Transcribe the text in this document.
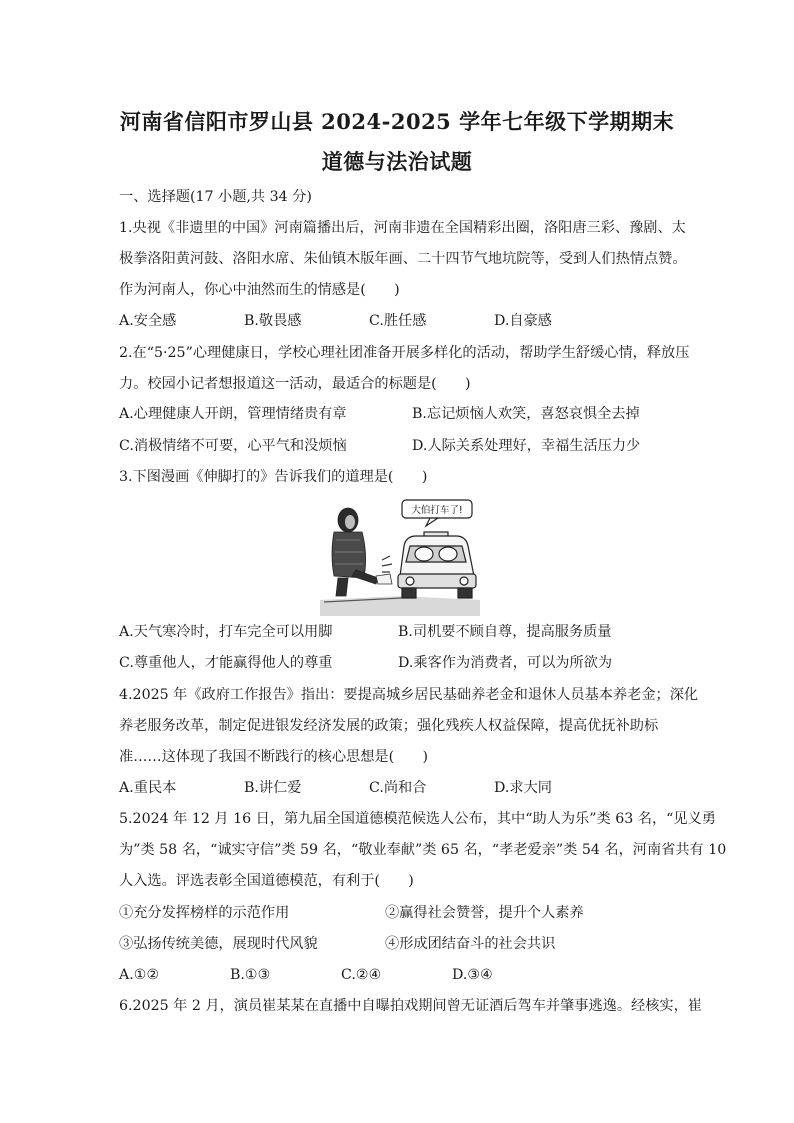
河南省信阳市罗山县 2024-2025 学年七年级下学期期末
道德与法治试题
一、选择题(17 小题,共 34 分)
1.央视《非遗里的中国》河南篇播出后，河南非遗在全国精彩出圈，洛阳唐三彩、豫剧、太
极拳洛阳黄河鼓、洛阳水席、朱仙镇木版年画、二十四节气地坑院等，受到人们热情点赞。
作为河南人，你心中油然而生的情感是(　　)
A.安全感	B.敬畏感	C.胜任感	D.自豪感
2.在“5·25”心理健康日，学校心理社团准备开展多样化的活动，帮助学生舒缓心情，释放压
力。校园小记者想报道这一活动，最适合的标题是(　　)
A.心理健康人开朗，管理情绪贵有章	B.忘记烦恼人欢笑，喜怒哀惧全去掉
C.消极情绪不可要，心平气和没烦恼	D.人际关系处理好，幸福生活压力少
3.下图漫画《伸脚打的》告诉我们的道理是(　　)
大伯打车了!
A.天气寒冷时，打车完全可以用脚	B.司机要不顾自尊，提高服务质量
C.尊重他人，才能赢得他人的尊重	D.乘客作为消费者，可以为所欲为
4.2025 年《政府工作报告》指出：要提高城乡居民基础养老金和退休人员基本养老金；深化
养老服务改革，制定促进银发经济发展的政策；强化残疾人权益保障，提高优抚补助标
准……这体现了我国不断践行的核心思想是(　　)
A.重民本	B.讲仁爱	C.尚和合	D.求大同
5.2024 年 12 月 16 日，第九届全国道德模范候选人公布，其中“助人为乐”类 63 名，“见义勇
为”类 58 名，“诚实守信”类 59 名，“敬业奉献”类 65 名，“孝老爱亲”类 54 名，河南省共有 10
人入选。评选表彰全国道德模范，有利于(　　)
①充分发挥榜样的示范作用	②赢得社会赞誉，提升个人素养
③弘扬传统美德，展现时代风貌	④形成团结奋斗的社会共识
A.①②	B.①③	C.②④	D.③④
6.2025 年 2 月，演员崔某某在直播中自曝拍戏期间曾无证酒后驾车并肇事逃逸。经核实，崔
